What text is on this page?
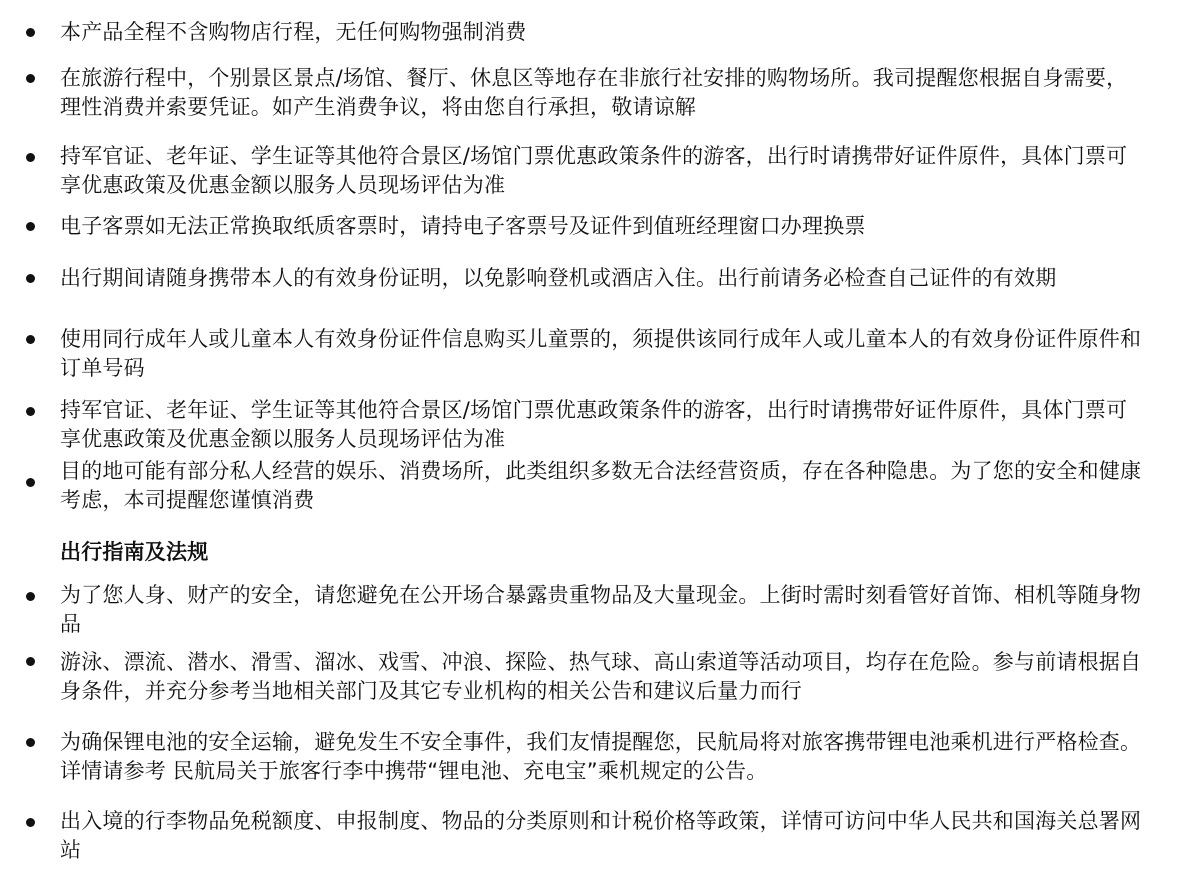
本产品全程不含购物店行程，无任何购物强制消费
在旅游行程中，个别景区景点/场馆、餐厅、休息区等地存在非旅行社安排的购物场所。我司提醒您根据自身需要，理性消费并索要凭证。如产生消费争议，将由您自行承担，敬请谅解
持军官证、老年证、学生证等其他符合景区/场馆门票优惠政策条件的游客，出行时请携带好证件原件，具体门票可享优惠政策及优惠金额以服务人员现场评估为准
电子客票如无法正常换取纸质客票时，请持电子客票号及证件到值班经理窗口办理换票
出行期间请随身携带本人的有效身份证明，以免影响登机或酒店入住。出行前请务必检查自己证件的有效期
使用同行成年人或儿童本人有效身份证件信息购买儿童票的，须提供该同行成年人或儿童本人的有效身份证件原件和订单号码
持军官证、老年证、学生证等其他符合景区/场馆门票优惠政策条件的游客，出行时请携带好证件原件，具体门票可享优惠政策及优惠金额以服务人员现场评估为准
目的地可能有部分私人经营的娱乐、消费场所，此类组织多数无合法经营资质，存在各种隐患。为了您的安全和健康考虑，本司提醒您谨慎消费
出行指南及法规
为了您人身、财产的安全，请您避免在公开场合暴露贵重物品及大量现金。上街时需时刻看管好首饰、相机等随身物品
游泳、漂流、潜水、滑雪、溜冰、戏雪、冲浪、探险、热气球、高山索道等活动项目，均存在危险。参与前请根据自身条件，并充分参考当地相关部门及其它专业机构的相关公告和建议后量力而行
为确保锂电池的安全运输，避免发生不安全事件，我们友情提醒您，民航局将对旅客携带锂电池乘机进行严格检查。详情请参考 民航局关于旅客行李中携带“锂电池、充电宝”乘机规定的公告。
出入境的行李物品免税额度、申报制度、物品的分类原则和计税价格等政策，详情可访问中华人民共和国海关总署网站
